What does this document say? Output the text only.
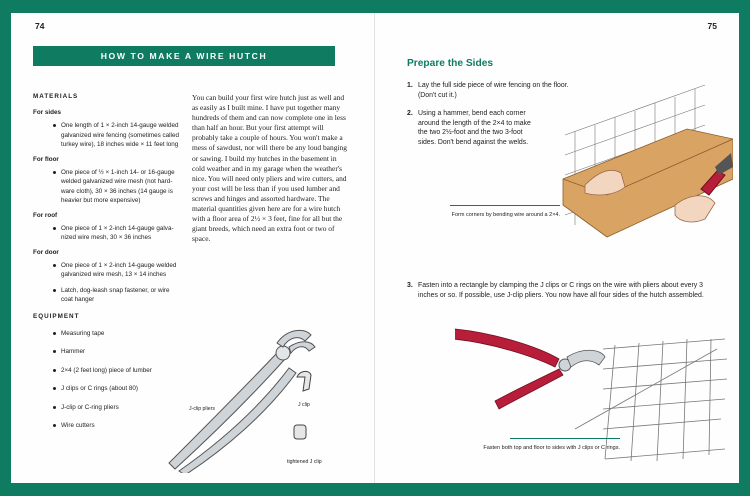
74
HOW TO MAKE A WIRE HUTCH
MATERIALS
For sides
One length of 1 × 2-inch 14-gauge welded galvanized wire fencing (sometimes called turkey wire), 18 inches wide × 11 feet long
For floor
One piece of ½ × 1-inch 14- or 16-gauge welded galvanized wire mesh (not hard-ware cloth), 30 × 36 inches (14 gauge is heavier but more expensive)
For roof
One piece of 1 × 2-inch 14-gauge galva-nized wire mesh, 30 × 36 inches
For door
One piece of 1 × 2-inch 14-gauge welded galvanized wire mesh, 13 × 14 inches
Latch, dog-leash snap fastener, or wire coat hanger
EQUIPMENT
Measuring tape
Hammer
2×4 (2 feet long) piece of lumber
J clips or C rings (about 80)
J-clip or C-ring pliers
Wire cutters
You can build your first wire hutch just as well and as easily as I built mine. I have put together many hundreds of them and can now complete one in less than half an hour. But your first attempt will probably take a couple of hours. You won't make a mess of sawdust, nor will there be any loud banging or sawing. I build my hutches in the basement in cold weather and in my garage when the weather's nice. You will need only pliers and wire cutters, and your cost will be less than if you used lumber and screws and hinges and assorted hardware. The material quantities given here are for a wire hutch with a floor area of 2½ × 3 feet, fine for all but the giant breeds, which need an extra foot or two of space.
J-clip pliers
J clip
tightened J clip
75
Prepare the Sides
1. Lay the full side piece of wire fencing on the floor. (Don't cut it.)
2. Using a hammer, bend each corner around the length of the 2×4 to make the two 2½-foot and the two 3-foot sides. Don't bend against the welds.
Form corners by bending wire around a 2×4.
3. Fasten into a rectangle by clamping the J clips or C rings on the wire with pliers about every 3 inches or so. If possible, use J-clip pliers. You now have all four sides of the hutch assembled.
Fasten both top and floor to sides with J clips or C rings.
